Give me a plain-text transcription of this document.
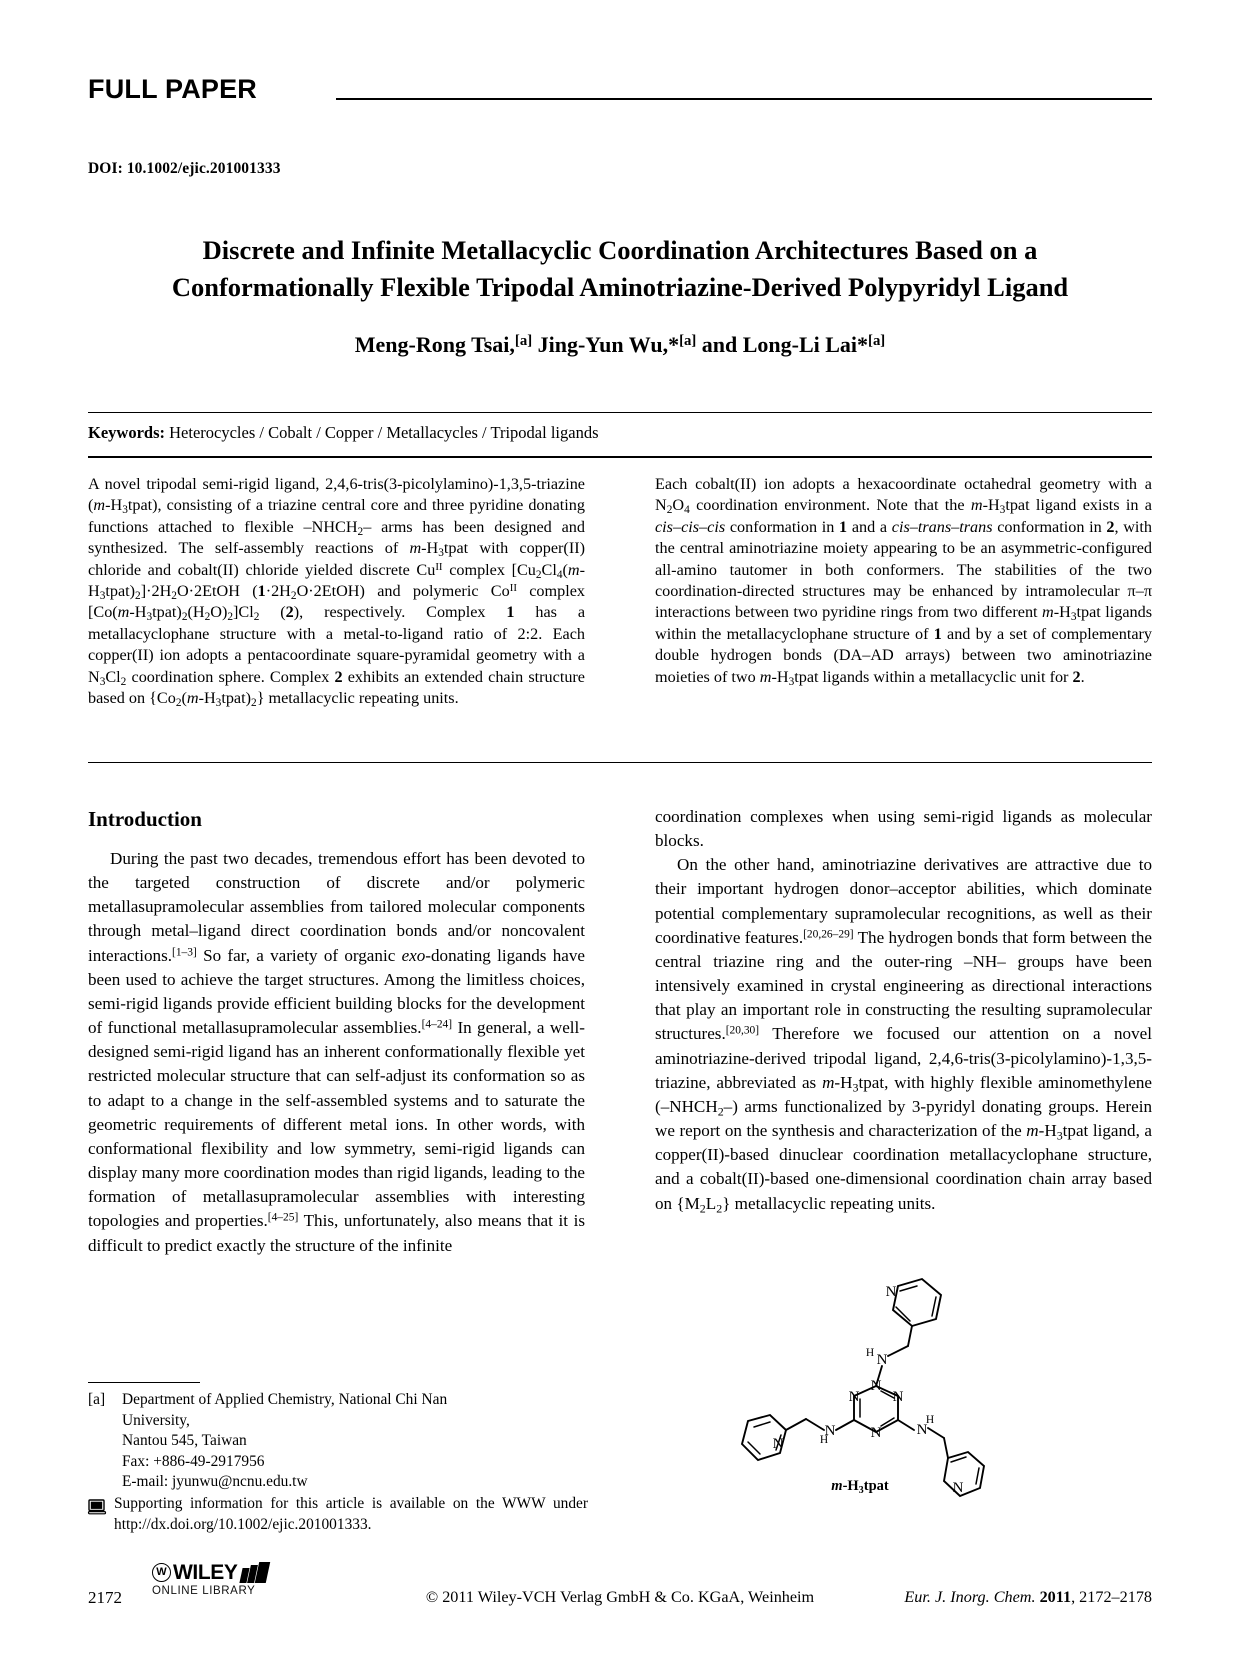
FULL PAPER
DOI: 10.1002/ejic.201001333
Discrete and Infinite Metallacyclic Coordination Architectures Based on a
Conformationally Flexible Tripodal Aminotriazine-Derived Polypyridyl Ligand
Meng-Rong Tsai,[a] Jing-Yun Wu,*[a] and Long-Li Lai*[a]
Keywords: Heterocycles / Cobalt / Copper / Metallacycles / Tripodal ligands

A novel tripodal semi-rigid ligand, 2,4,6-tris(3-picolylamino)-1,3,5-triazine $(m-H_3tpat)$, consisting of a triazine central core and three pyridine donating functions attached to flexible $-NHCH_2-$ arms has been designed and synthesized. The self-assembly reactions of $m-H_3tpat$ with copper(II) chloride and cobalt(II) chloride yielded discrete $Cu^{II}$ complex $[Cu_2Cl_4(m-H_3tpat)_2]\cdot 2H_2O\cdot 2EtOH$ $(1\cdot 2H_2O\cdot 2EtOH)$ and polymeric $Co^{II}$ complex $[Co(m-H_3tpat)_2(H_2O)_2]Cl_2$ (2), respectively. Complex 1 has a metallacyclophane structure with a metal-to-ligand ratio of 2:2. Each copper(II) ion adopts a pentacoordinate square-pyramidal geometry with a $N_3Cl_2$ coordination sphere. Complex 2 exhibits an extended chain structure based on $\{Co_2(m-H_3tpat)_2\}$ metallacyclic repeating units.

Each cobalt(II) ion adopts a hexacoordinate octahedral geometry with a $N_2O_4$ coordination environment. Note that the $m-H_3tpat$ ligand exists in a cis–cis–cis conformation in 1 and a cis–trans–trans conformation in 2, with the central aminotriazine moiety appearing to be an asymmetric-configured all-amino tautomer in both conformers. The stabilities of the two coordination-directed structures may be enhanced by intramolecular π–π interactions between two pyridine rings from two different $m-H_3tpat$ ligands within the metallacyclophane structure of 1 and by a set of complementary double hydrogen bonds (DA–AD arrays) between two aminotriazine moieties of two $m-H_3tpat$ ligands within a metallacyclic unit for 2.

Introduction

During the past two decades, tremendous effort has been devoted to the targeted construction of discrete and/or polymeric metallasupramolecular assemblies from tailored molecular components through metal–ligand direct coordination bonds and/or noncovalent interactions.[1–3] So far, a variety of organic exo-donating ligands have been used to achieve the target structures. Among the limitless choices, semi-rigid ligands provide efficient building blocks for the development of functional metallasupramolecular assemblies.[4–24] In general, a well-designed semi-rigid ligand has an inherent conformationally flexible yet restricted molecular structure that can self-adjust its conformation so as to adapt to a change in the self-assembled systems and to saturate the geometric requirements of different metal ions. In other words, with conformational flexibility and low symmetry, semi-rigid ligands can display many more coordination modes than rigid ligands, leading to the formation of metallasupramolecular assemblies with interesting topologies and properties.[4–25] This, unfortunately, also means that it is difficult to predict exactly the structure of the infinite

coordination complexes when using semi-rigid ligands as molecular blocks.

On the other hand, aminotriazine derivatives are attractive due to their important hydrogen donor–acceptor abilities, which dominate potential complementary supramolecular recognitions, as well as their coordinative features.[20,26–29] The hydrogen bonds that form between the central triazine ring and the outer-ring –NH– groups have been intensively examined in crystal engineering as directional interactions that play an important role in constructing the resulting supramolecular structures.[20,30] Therefore we focused our attention on a novel aminotriazine-derived tripodal ligand, 2,4,6-tris(3-picolylamino)-1,3,5-triazine, abbreviated as $m-H_3tpat$, with highly flexible aminomethylene $(-NHCH_2-)$ arms functionalized by 3-pyridyl donating groups. Herein we report on the synthesis and characterization of the $m-H_3tpat$ ligand, a copper(II)-based dinuclear coordination metallacyclophane structure, and a cobalt(II)-based one-dimensional coordination chain array based on $\{M_2L_2\}$ metallacyclic repeating units.

N
N
N
N N
N
N	N
N
N
H
H
H
$m-H_3tpat$
[a]	Department of Applied Chemistry, National Chi Nan
University,
Nantou 545, Taiwan
Fax: +886-49-2917956
E-mail: jyunwu@ncnu.edu.tw
Supporting information for this article is available on the WWW under http://dx.doi.org/10.1002/ejic.201001333.
W WILEY
ONLINE LIBRARY
2172	© 2011 Wiley-VCH Verlag GmbH & Co. KGaA, Weinheim	Eur. J. Inorg. Chem. 2011, 2172–2178
